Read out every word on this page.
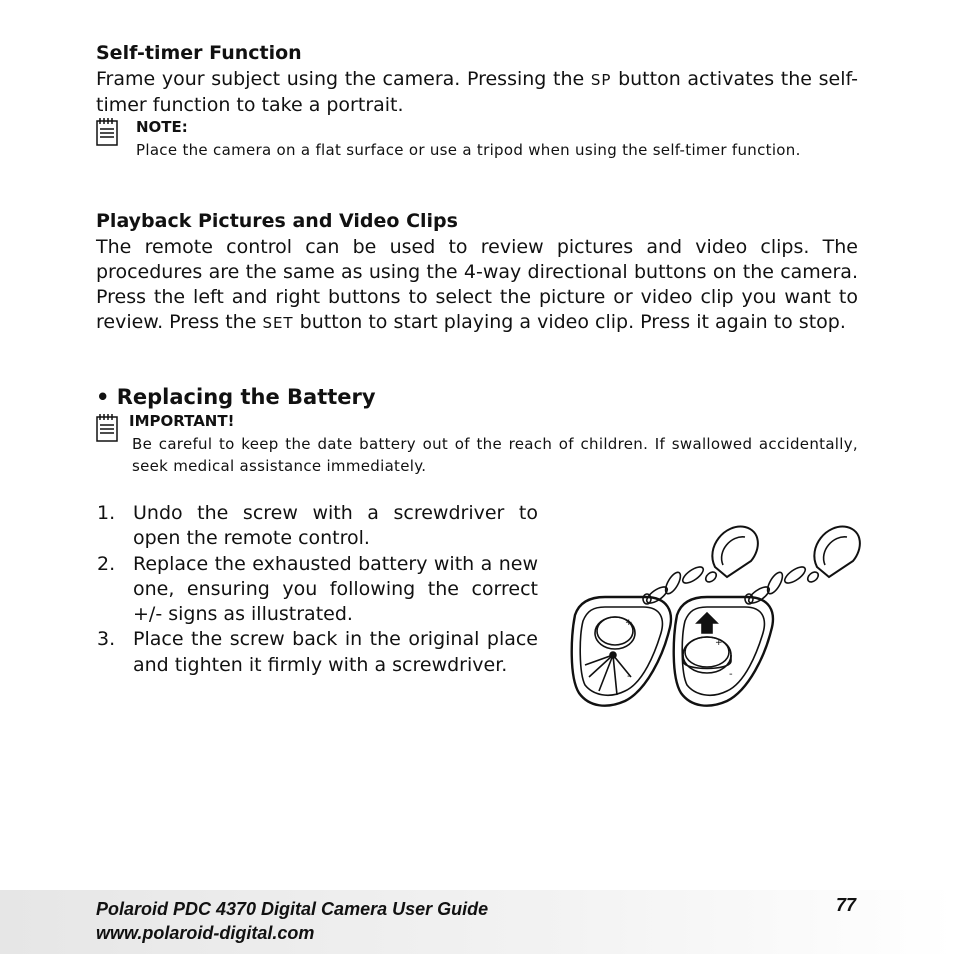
Self-timer Function
Frame your subject using the camera. Pressing the SP button activates the self-timer function to take a portrait.
NOTE:
Place the camera on a flat surface or use a tripod when using the self-timer function.
Playback Pictures and Video Clips
The remote control can be used to review pictures and video clips. The procedures are the same as using the 4-way directional buttons on the camera. Press the left and right buttons to select the picture or video clip you want to review. Press the SET button to start playing a video clip. Press it again to stop.
• Replacing the Battery
IMPORTANT!
Be careful to keep the date battery out of the reach of children. If swallowed accidentally, seek medical assistance immediately.
1. Undo the screw with a screwdriver to open the remote control.
2. Replace the exhausted battery with a new one, ensuring you following the correct +/- signs as illustrated.
3. Place the screw back in the original place and tighten it firmly with a screwdriver.
+
-
+
-
Polaroid PDC 4370 Digital Camera User Guide
www.polaroid-digital.com
77
